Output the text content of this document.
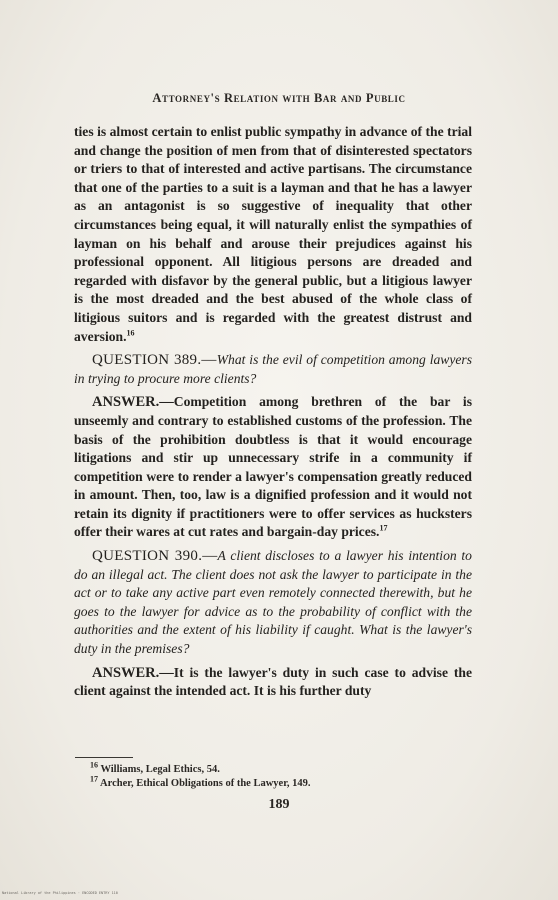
Attorney's Relation with Bar and Public

ties is almost certain to enlist public sympathy in advance of the trial and change the position of men from that of disinterested spectators or triers to that of interested and active partisans. The circumstance that one of the parties to a suit is a layman and that he has a lawyer as an antagonist is so suggestive of inequality that other circumstances being equal, it will naturally enlist the sympathies of layman on his behalf and arouse their prejudices against his professional opponent. All litigious persons are dreaded and regarded with disfavor by the general public, but a litigious lawyer is the most dreaded and the best abused of the whole class of litigious suitors and is regarded with the greatest distrust and aversion.$^{16}$

QUESTION 389.—What is the evil of competition among lawyers in trying to procure more clients?

ANSWER.—Competition among brethren of the bar is unseemly and contrary to established customs of the profession. The basis of the prohibition doubtless is that it would encourage litigations and stir up unnecessary strife in a community if competition were to render a lawyer's compensation greatly reduced in amount. Then, too, law is a dignified profession and it would not retain its dignity if practitioners were to offer services as hucksters offer their wares at cut rates and bargain-day prices.$^{17}$

QUESTION 390.—A client discloses to a lawyer his intention to do an illegal act. The client does not ask the lawyer to participate in the act or to take any active part even remotely connected therewith, but he goes to the lawyer for advice as to the probability of conflict with the authorities and the extent of his liability if caught. What is the lawyer's duty in the premises?

ANSWER.—It is the lawyer's duty in such case to advise the client against the intended act. It is his further duty

$^{16}$ Williams, Legal Ethics, 54.
$^{17}$ Archer, Ethical Obligations of the Lawyer, 149.
189
National Library of the Philippines · ENCODED ENTRY 110
